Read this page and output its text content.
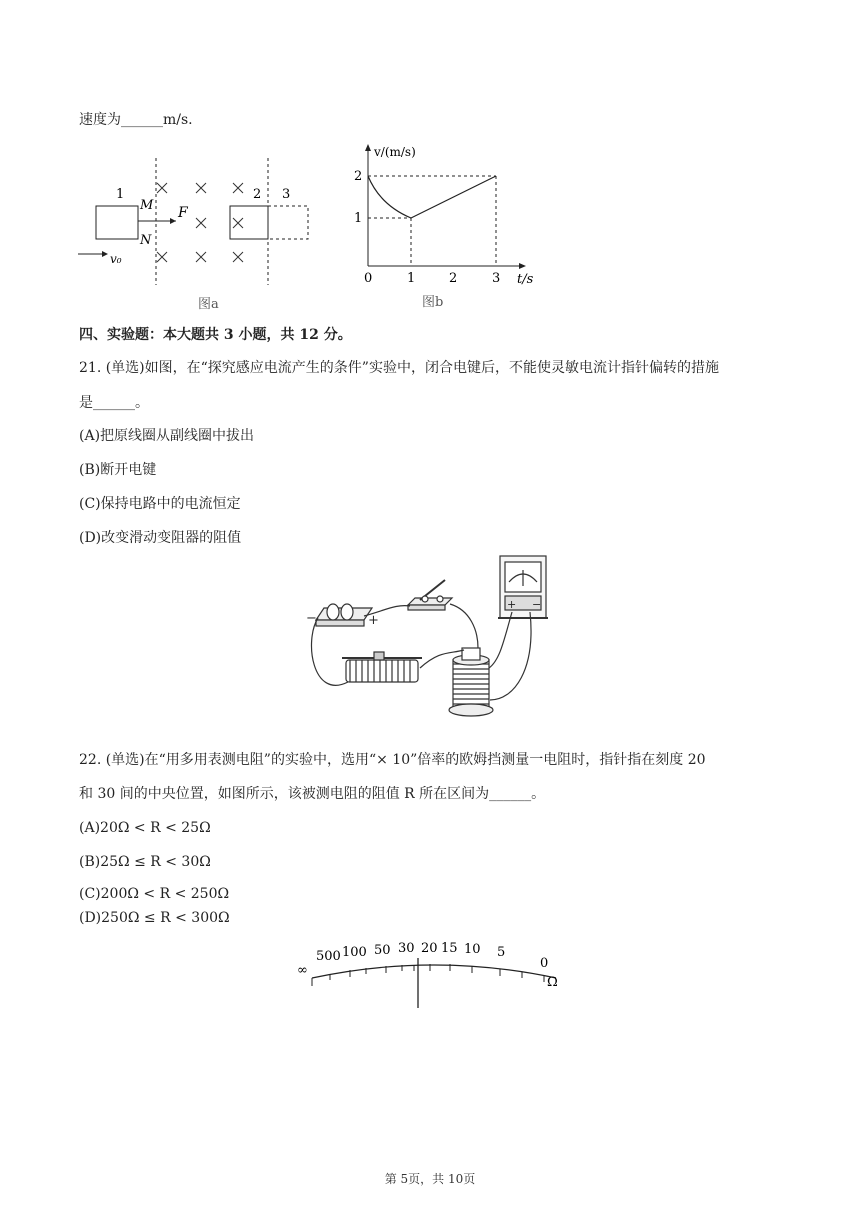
速度为______m/s.
1	2 3
M
N
F
v₀
图a
v/(m/s)
t/s
1
2
0	1	2	3
图b
四、实验题：本大题共 3 小题，共 12 分。
21. (单选)如图，在“探究感应电流产生的条件”实验中，闭合电键后，不能使灵敏电流计指针偏转的措施
是______。
(A)把原线圈从副线圈中拔出
(B)断开电键
(C)保持电路中的电流恒定
(D)改变滑动变阻器的阻值
−	+
+ −
22. (单选)在“用多用表测电阻”的实验中，选用“× 10”倍率的欧姆挡测量一电阻时，指针指在刻度 20
和 30 间的中央位置，如图所示，该被测电阻的阻值 R 所在区间为______。
(A)20Ω < R < 25Ω
(B)25Ω ≤ R < 30Ω
(C)200Ω < R < 250Ω
(D)250Ω ≤ R < 300Ω
∞
500 100 50 30 20 15 10 5
0
Ω
第 5页，共 10页
